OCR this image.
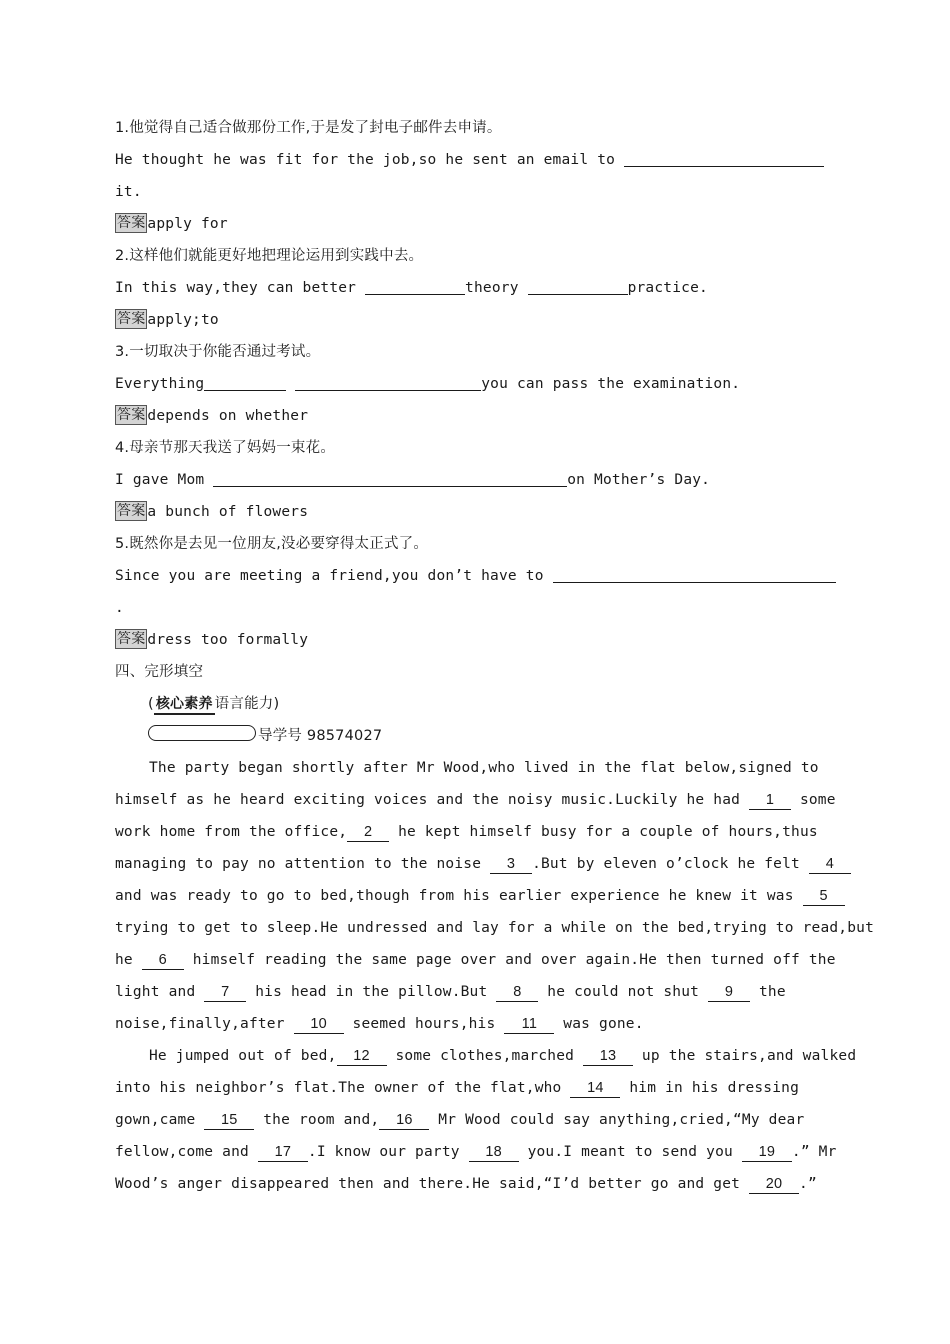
1.他觉得自己适合做那份工作,于是发了封电子邮件去申请。
He thought he was fit for the job,so he sent an email to
it.
答案 apply for
2.这样他们就能更好地把理论运用到实践中去。
In this way,they can better	theory	practice.
答案 apply;to
3.一切取决于你能否通过考试。
Everything	you can pass the examination.
答案 depends on whether
4.母亲节那天我送了妈妈一束花。
I gave Mom	on Mother’s Day.
答案 a bunch of flowers
5.既然你是去见一位朋友,没必要穿得太正式了。
Since you are meeting a friend,you don’t have to
.
答案 dress too formally
四、完形填空
( 核心素养 语言能力)
导学号 98574027
The party began shortly after Mr Wood,who lived in the flat below,signed to
himself as he heard exciting voices and the noisy music.Luckily he had 1 some
work home from the office, 2 he kept himself busy for a couple of hours,thus
managing to pay no attention to the noise 3 .But by eleven o’clock he felt 4
and was ready to go to bed,though from his earlier experience he knew it was 5
trying to get to sleep.He undressed and lay for a while on the bed,trying to read,but
he 6 himself reading the same page over and over again.He then turned off the
light and 7 his head in the pillow.But 8 he could not shut 9 the
noise,finally,after 10 seemed hours,his 11 was gone.
He jumped out of bed, 12 some clothes,marched 13 up the stairs,and walked
into his neighbor’s flat.The owner of the flat,who 14 him in his dressing
gown,came 15 the room and, 16 Mr Wood could say anything,cried,“My dear
fellow,come and 17 .I know our party 18 you.I meant to send you 19 .” Mr
Wood’s anger disappeared then and there.He said,“I’d better go and get 20 .”
